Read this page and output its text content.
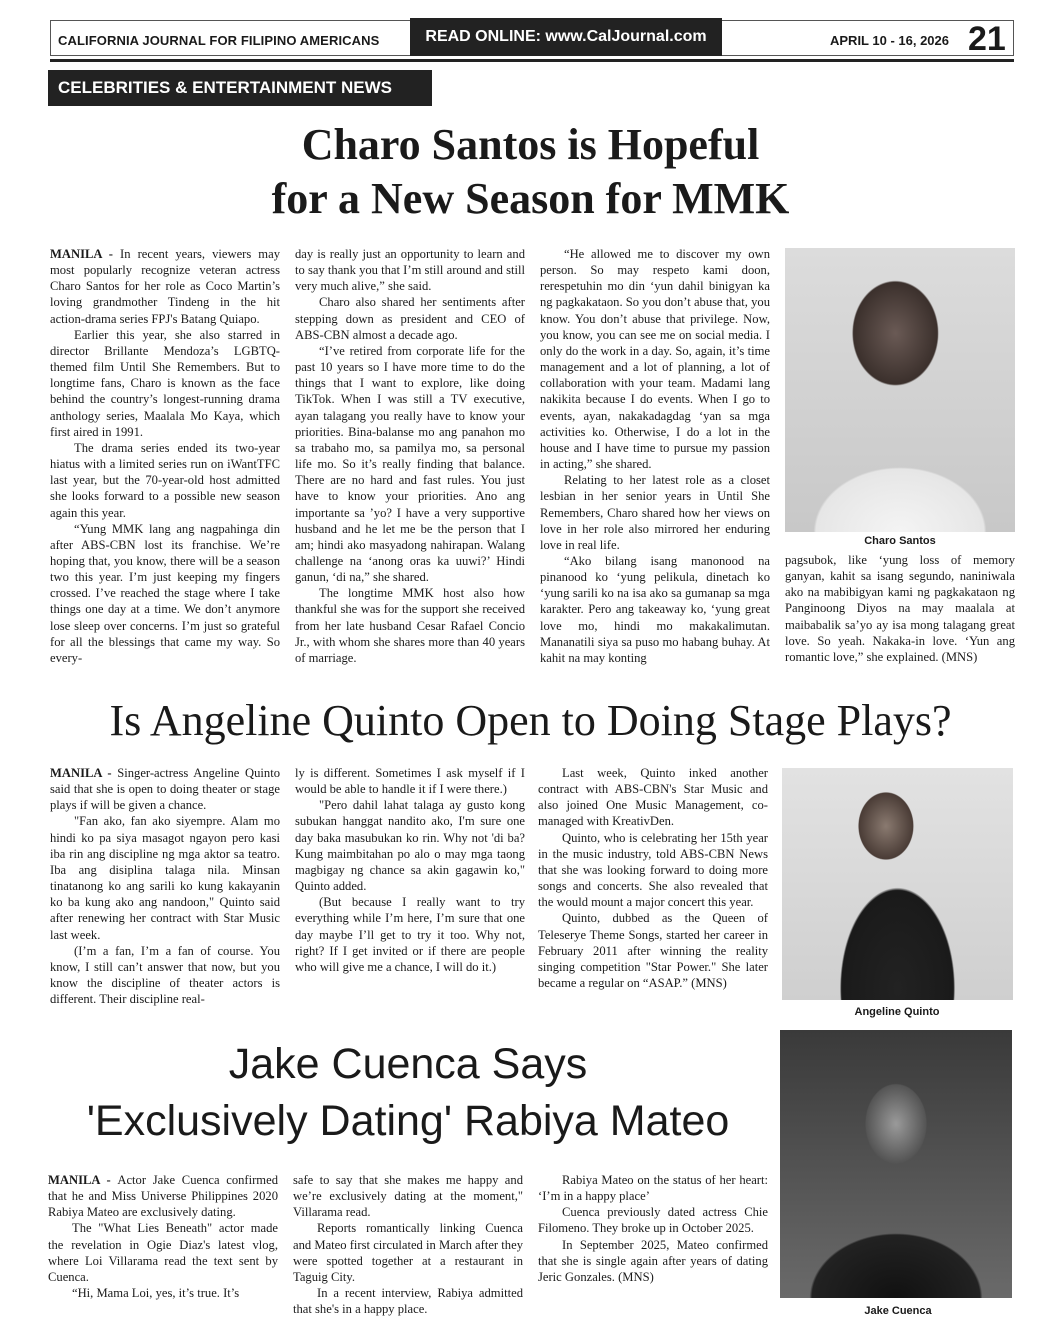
CALIFORNIA JOURNAL FOR FILIPINO AMERICANS	READ ONLINE: www.CalJournal.com	APRIL 10 - 16, 2026 21
CELEBRITIES & ENTERTAINMENT NEWS
Charo Santos is Hopeful
for a New Season for MMK

MANILA - In recent years, viewers may most popularly recognize veteran actress Charo Santos for her role as Coco Martin’s loving grandmother Tindeng in the hit action-drama series FPJ's Batang Quiapo.

Earlier this year, she also starred in director Brillante Mendoza’s LGBTQ-themed film Until She Remembers. But to longtime fans, Charo is known as the face behind the country’s longest-running drama anthology series, Maalala Mo Kaya, which first aired in 1991.

The drama series ended its two-year hiatus with a limited series run on iWantTFC last year, but the 70-year-old host admitted she looks forward to a possible new season again this year.

“Yung MMK lang ang nagpahinga din after ABS-CBN lost its franchise. We’re hoping that, you know, there will be a season two this year. I’m just keeping my fingers crossed. I’ve reached the stage where I take things one day at a time. We don’t anymore lose sleep over concerns. I’m just so grateful for all the blessings that came my way. So every-

day is really just an opportunity to learn and to say thank you that I’m still around and still very much alive,” she said.

Charo also shared her sentiments after stepping down as president and CEO of ABS-CBN almost a decade ago.

“I’ve retired from corporate life for the past 10 years so I have more time to do the things that I want to explore, like doing TikTok. When I was still a TV executive, ayan talagang you really have to know your priorities. Bina-balanse mo ang panahon mo sa trabaho mo, sa pamilya mo, sa personal life mo. So it’s really finding that balance. There are no hard and fast rules. You just have to know your priorities. Ano ang importante sa ’yo? I have a very supportive husband and he let me be the person that I am; hindi ako masyadong nahirapan. Walang challenge na ‘anong oras ka uuwi?’ Hindi ganun, ‘di na,” she shared.

The longtime MMK host also how thankful she was for the support she received from her late husband Cesar Rafael Concio Jr., with whom she shares more than 40 years of marriage.

“He allowed me to discover my own person. So may respeto kami doon, rerespetuhin mo din ‘yun dahil binigyan ka ng pagkakataon. So you don’t abuse that, you know. You don’t abuse that privilege. Now, you know, you can see me on social media. I only do the work in a day. So, again, it’s time management and a lot of planning, a lot of collaboration with your team. Madami lang nakikita because I do events. When I go to events, ayan, nakakadagdag ‘yan sa mga activities ko. Otherwise, I do a lot in the house and I have time to pursue my passion in acting,” she shared.

Relating to her latest role as a closet lesbian in her senior years in Until She Remembers, Charo shared how her views on love in her role also mirrored her enduring love in real life.

“Ako bilang isang manonood na pinanood ko ‘yung pelikula, dinetach ko ‘yung sarili ko na isa ako sa gumanap sa mga karakter. Pero ang takeaway ko, ‘yung great love mo, hindi mo makakalimutan. Mananatili siya sa puso mo habang buhay. At kahit na may konting

Charo Santos

pagsubok, like ‘yung loss of memory ganyan, kahit sa isang segundo, naniniwala ako na mabibigyan kami ng pagkakataon ng Panginoong Diyos na may maalala at maibabalik sa’yo ay isa mong talagang great love. So yeah. Nakaka-in love. ‘Yun ang romantic love,” she explained. (MNS)

Is Angeline Quinto Open to Doing Stage Plays?

MANILA - Singer-actress Angeline Quinto said that she is open to doing theater or stage plays if will be given a chance.

"Fan ako, fan ako siyempre. Alam mo hindi ko pa siya masagot ngayon pero kasi iba rin ang discipline ng mga aktor sa teatro. Iba ang disiplina talaga nila. Minsan tinatanong ko ang sarili ko kung kakayanin ko ba kung ako ang nandoon," Quinto said after renewing her contract with Star Music last week.

(I’m a fan, I’m a fan of course. You know, I still can’t answer that now, but you know the discipline of theater actors is different. Their discipline real-

ly is different. Sometimes I ask myself if I would be able to handle it if I were there.)

"Pero dahil lahat talaga ay gusto kong subukan hanggat nandito ako, I'm sure one day baka masubukan ko rin. Why not 'di ba? Kung maimbitahan po alo o may mga taong magbigay ng chance sa akin gagawin ko," Quinto added.

(But because I really want to try everything while I’m here, I’m sure that one day maybe I’ll get to try it too. Why not, right? If I get invited or if there are people who will give me a chance, I will do it.)

Last week, Quinto inked another contract with ABS-CBN's Star Music and also joined One Music Management, co-managed with KreativDen.

Quinto, who is celebrating her 15th year in the music industry, told ABS-CBN News that she was looking forward to doing more songs and concerts. She also revealed that the would mount a major concert this year.

Quinto, dubbed as the Queen of Teleserye Theme Songs, started her career in February 2011 after winning the reality singing competition "Star Power." She later became a regular on “ASAP.” (MNS)

Angeline Quinto
Jake Cuenca Says
'Exclusively Dating' Rabiya Mateo

MANILA - Actor Jake Cuenca confirmed that he and Miss Universe Philippines 2020 Rabiya Mateo are exclusively dating.

The "What Lies Beneath" actor made the revelation in Ogie Diaz's latest vlog, where Loi Villarama read the text sent by Cuenca.

“Hi, Mama Loi, yes, it’s true. It’s

safe to say that she makes me happy and we’re exclusively dating at the moment," Villarama read.

Reports romantically linking Cuenca and Mateo first circulated in March after they were spotted together at a restaurant in Taguig City.

In a recent interview, Rabiya admitted that she's in a happy place.

Rabiya Mateo on the status of her heart: ‘I’m in a happy place’

Cuenca previously dated actress Chie Filomeno. They broke up in October 2025.

In September 2025, Mateo confirmed that she is single again after years of dating Jeric Gonzales. (MNS)

Jake Cuenca
